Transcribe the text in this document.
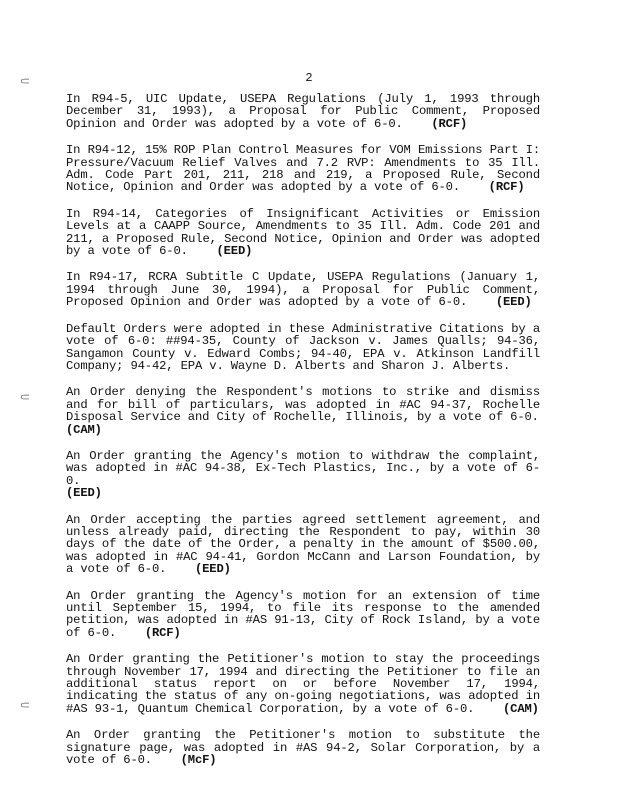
⸦
⸦
⸦
2

In R94-5, UIC Update, USEPA Regulations (July 1, 1993 through December 31, 1993), a Proposal for Public Comment, Proposed Opinion and Order was adopted by a vote of 6-0. (RCF)

In R94-12, 15% ROP Plan Control Measures for VOM Emissions Part I: Pressure/Vacuum Relief Valves and 7.2 RVP: Amendments to 35 Ill. Adm. Code Part 201, 211, 218 and 219, a Proposed Rule, Second Notice, Opinion and Order was adopted by a vote of 6-0. (RCF)

In R94-14, Categories of Insignificant Activities or Emission Levels at a CAAPP Source, Amendments to 35 Ill. Adm. Code 201 and 211, a Proposed Rule, Second Notice, Opinion and Order was adopted by a vote of 6-0. (EED)

In R94-17, RCRA Subtitle C Update, USEPA Regulations (January 1, 1994 through June 30, 1994), a Proposal for Public Comment, Proposed Opinion and Order was adopted by a vote of 6-0. (EED)

Default Orders were adopted in these Administrative Citations by a vote of 6-0: ##94-35, County of Jackson v. James Qualls; 94-36, Sangamon County v. Edward Combs; 94-40, EPA v. Atkinson Landfill Company; 94-42, EPA v. Wayne D. Alberts and Sharon J. Alberts.

An Order denying the Respondent's motions to strike and dismiss and for bill of particulars, was adopted in #AC 94-37, Rochelle Disposal Service and City of Rochelle, Illinois, by a vote of 6-0.
(CAM)

An Order granting the Agency's motion to withdraw the complaint, was adopted in #AC 94-38, Ex-Tech Plastics, Inc., by a vote of 6-0.
(EED)

An Order accepting the parties agreed settlement agreement, and unless already paid, directing the Respondent to pay, within 30 days of the date of the Order, a penalty in the amount of $500.00, was adopted in #AC 94-41, Gordon McCann and Larson Foundation, by a vote of 6-0. (EED)

An Order granting the Agency's motion for an extension of time until September 15, 1994, to file its response to the amended petition, was adopted in #AS 91-13, City of Rock Island, by a vote of 6-0. (RCF)

An Order granting the Petitioner's motion to stay the proceedings through November 17, 1994 and directing the Petitioner to file an additional status report on or before November 17, 1994, indicating the status of any on-going negotiations, was adopted in #AS 93-1, Quantum Chemical Corporation, by a vote of 6-0. (CAM)

An Order granting the Petitioner's motion to substitute the signature page, was adopted in #AS 94-2, Solar Corporation, by a vote of 6-0. (McF)
